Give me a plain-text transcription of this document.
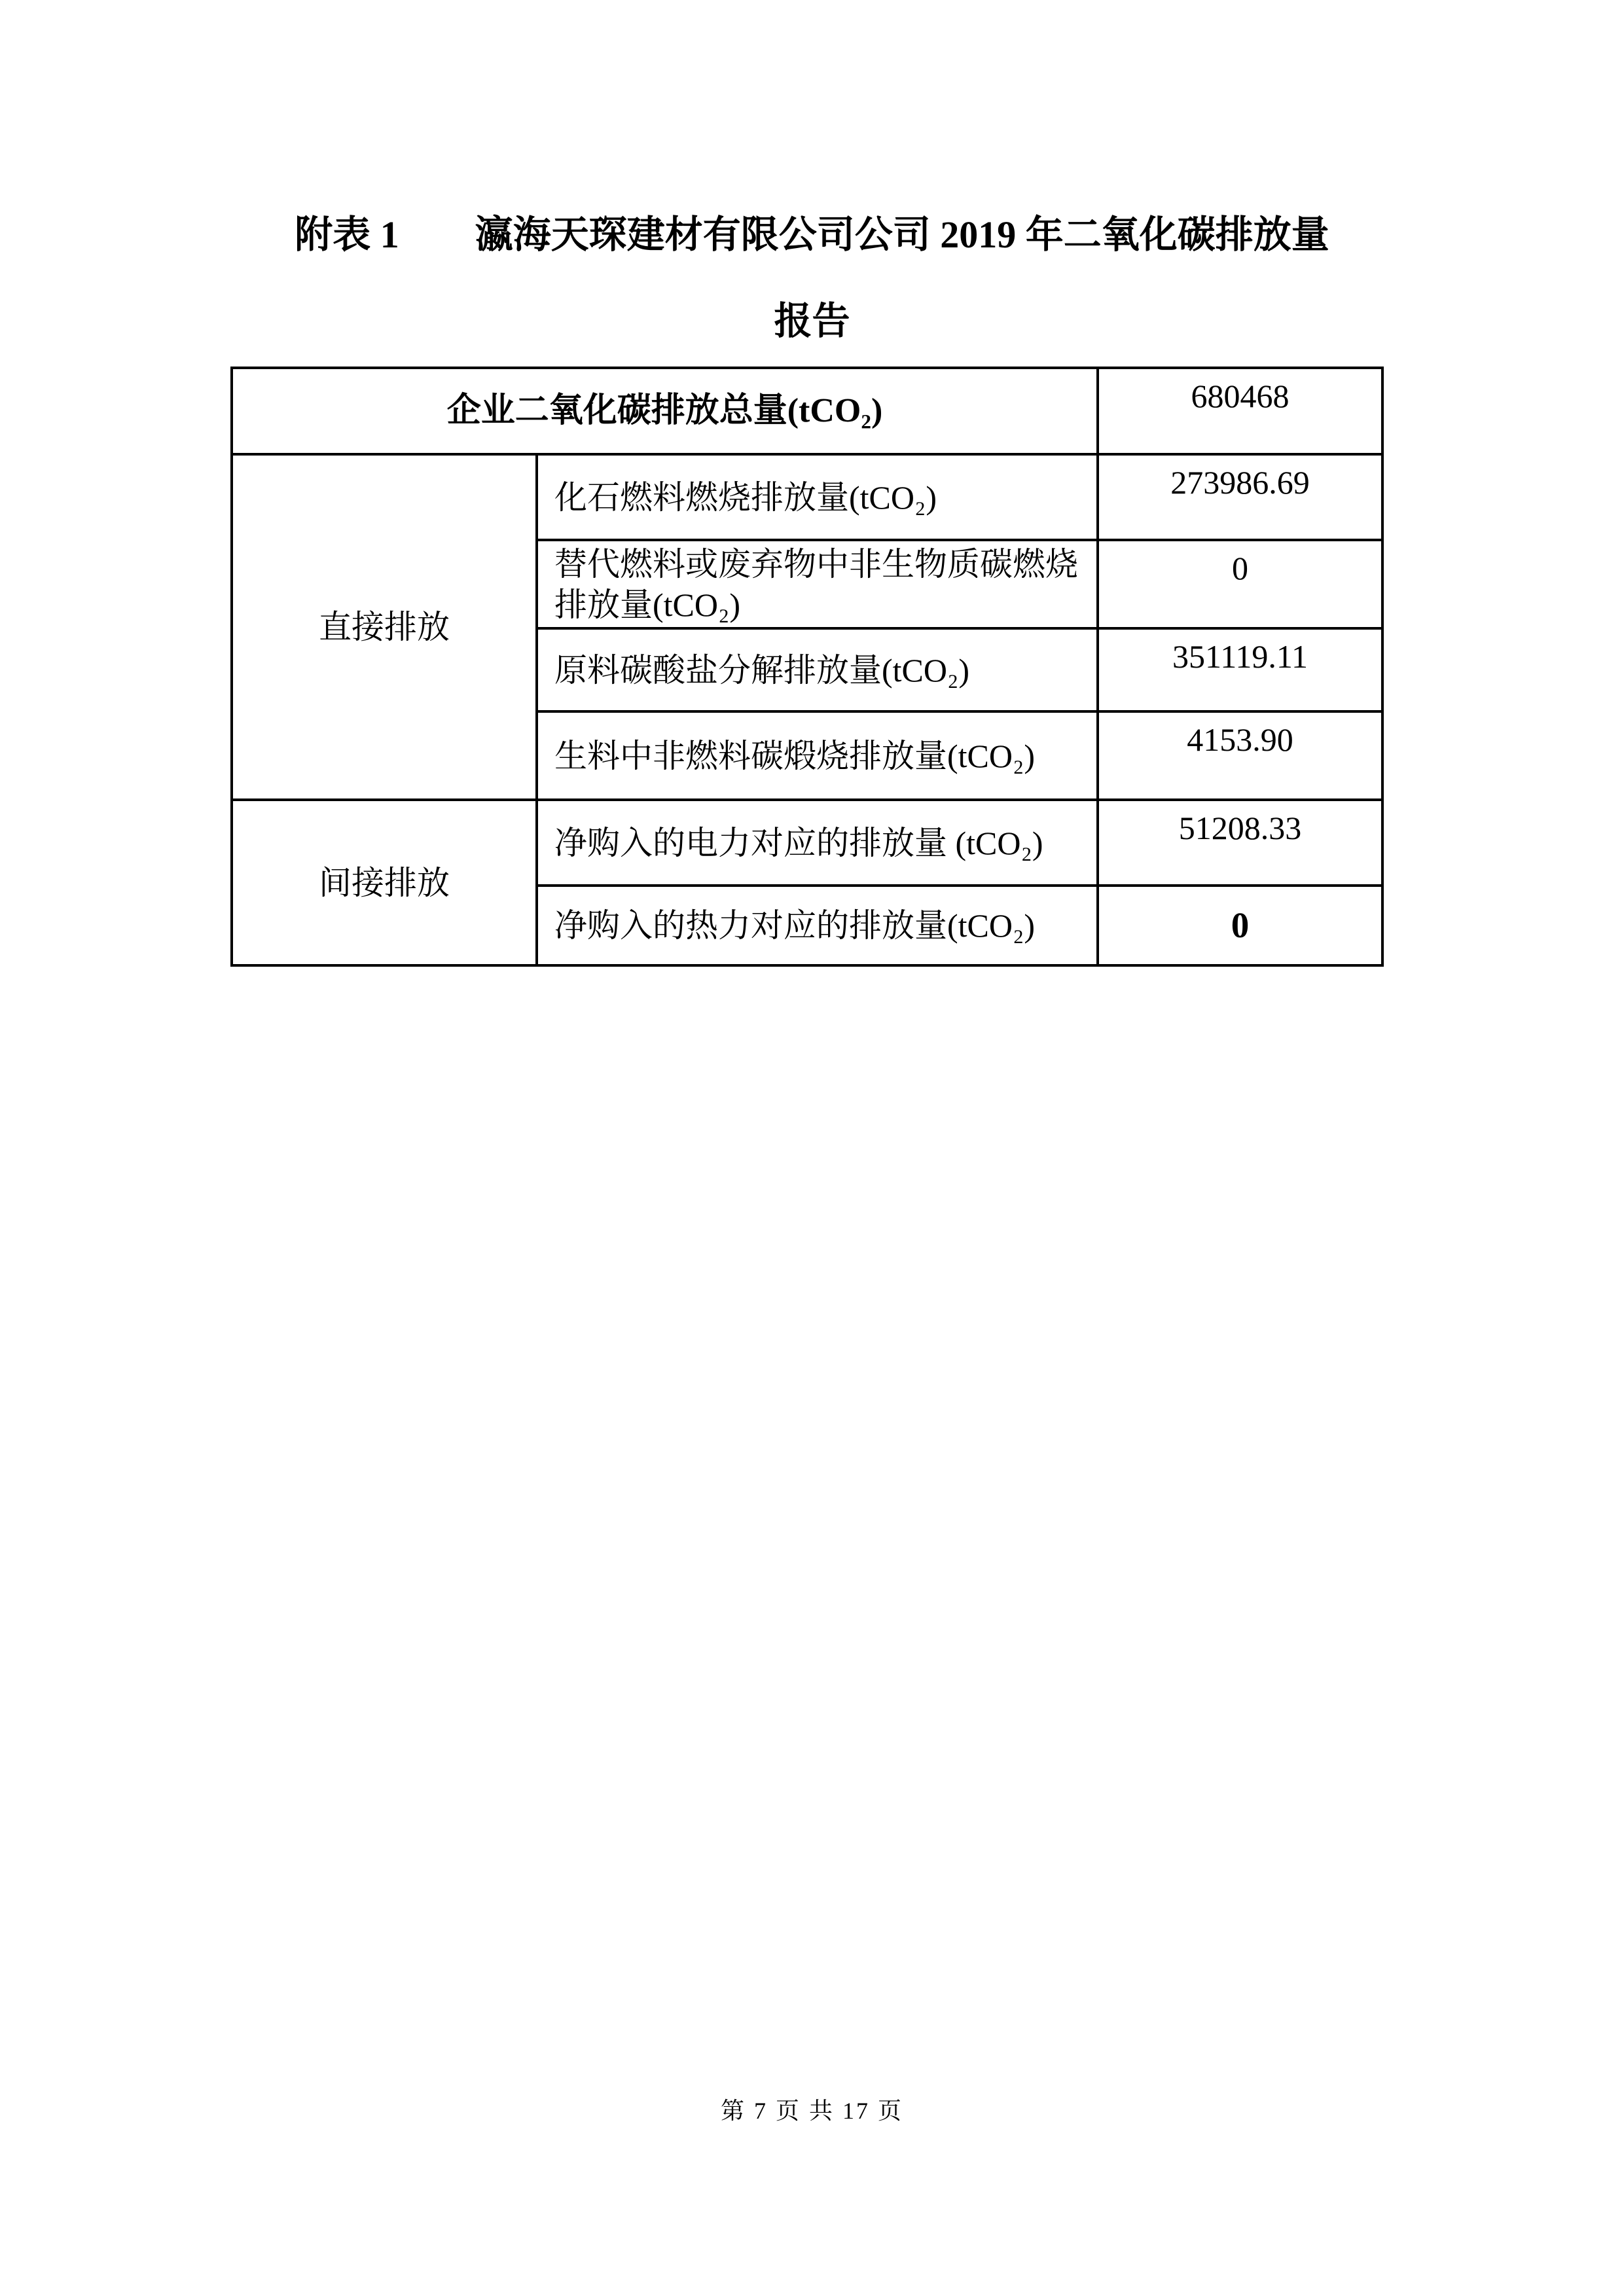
附表 1　　瀛海天琛建材有限公司公司 2019 年二氧化碳排放量
报告
企业二氧化碳排放总量(tCO₂)		680468
直接排放	化石燃料燃烧排放量(tCO₂)	273986.69
	替代燃料或废弃物中非生物质碳燃烧排放量(tCO₂)	0
	原料碳酸盐分解排放量(tCO₂)	351119.11
	生料中非燃料碳煅烧排放量(tCO₂)	4153.90
间接排放	净购入的电力对应的排放量 (tCO₂)	51208.33
	净购入的热力对应的排放量(tCO₂)	0
第 7 页 共 17 页
